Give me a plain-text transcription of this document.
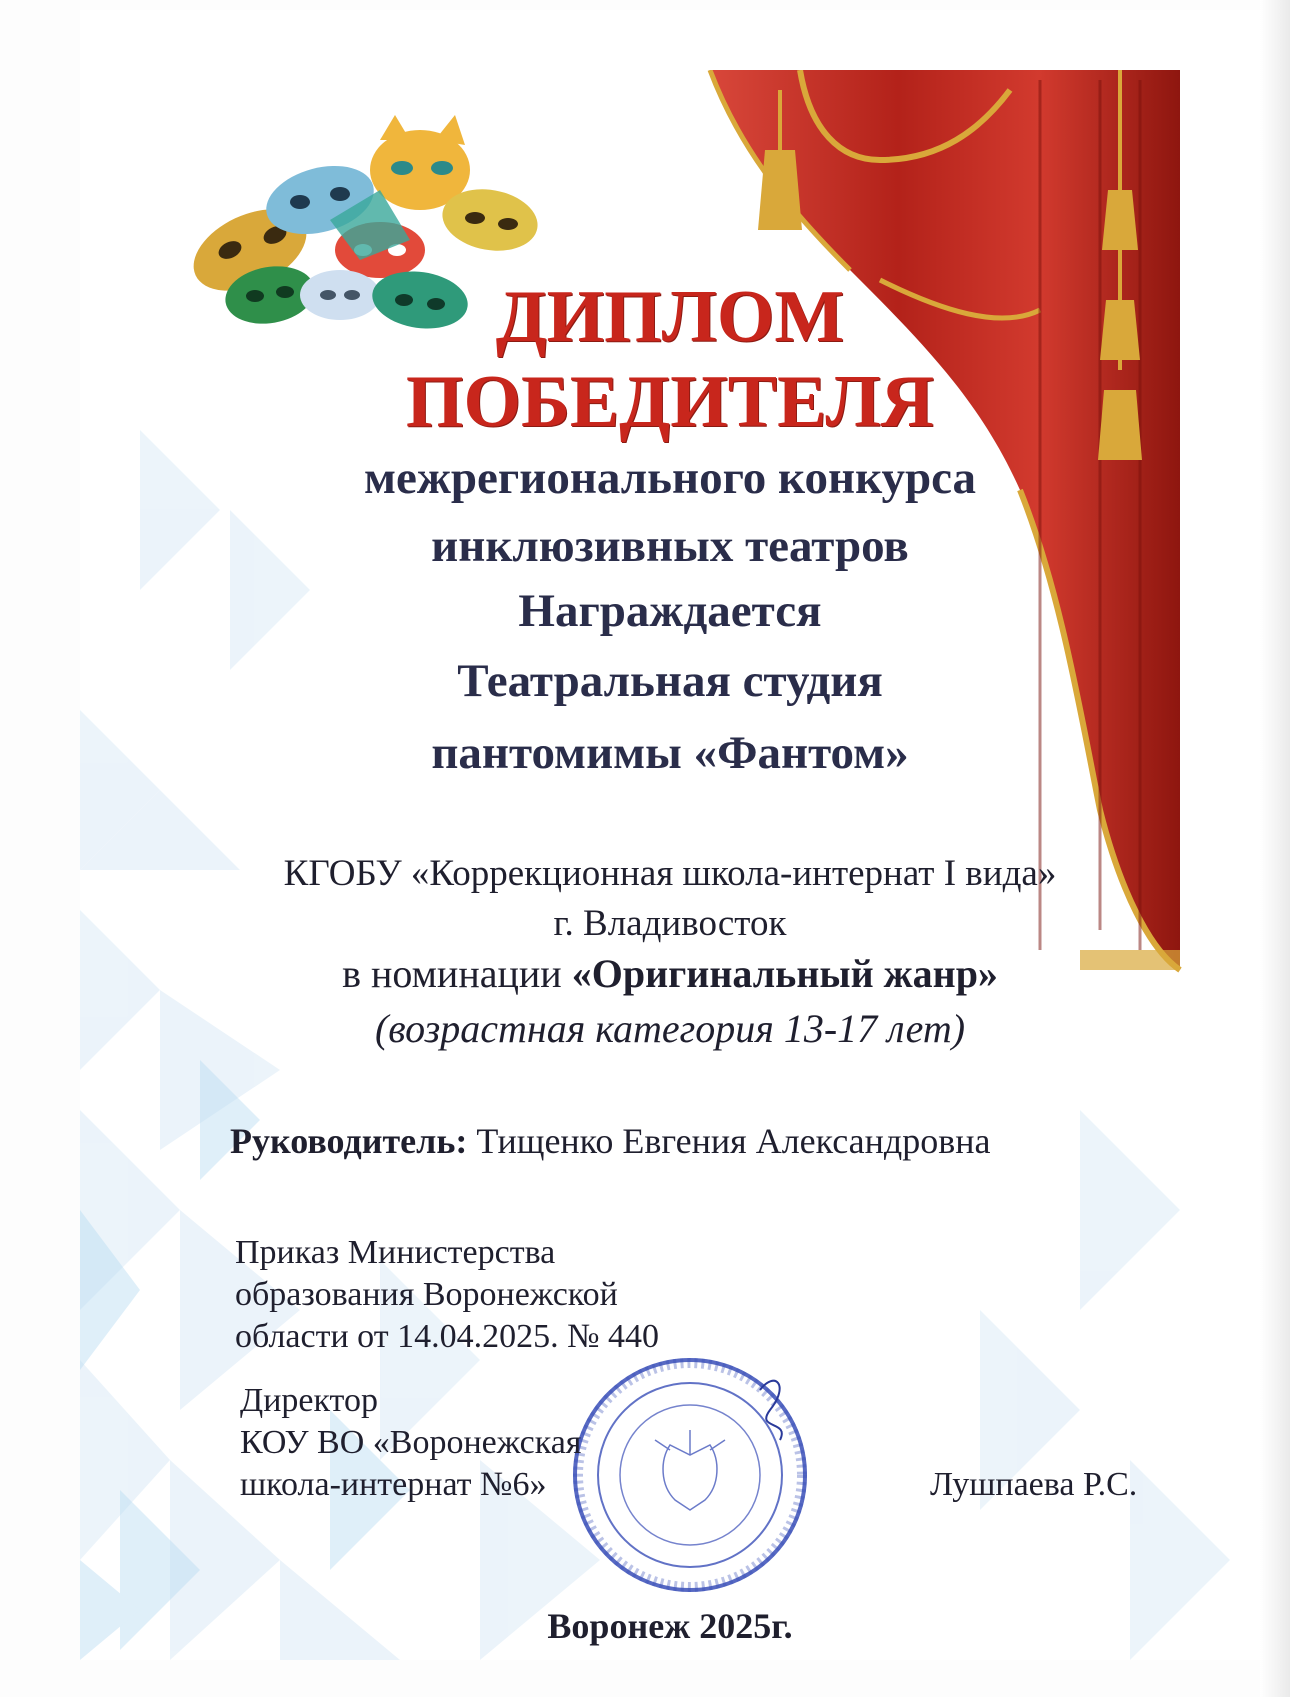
ДИПЛОМ
ПОБЕДИТЕЛЯ
межрегионального конкурса
инклюзивных театров
Награждается
Театральная студия
пантомимы «Фантом»
КГОБУ «Коррекционная школа-интернат I вида»
г. Владивосток
в номинации «Оригинальный жанр»
(возрастная категория 13-17 лет)
Руководитель: Тищенко Евгения Александровна
Приказ Министерства
образования Воронежской
области от 14.04.2025. № 440
Директор
КОУ ВО «Воронежская
школа-интернат №6»	Лушпаева Р.С.
Воронеж 2025г.
